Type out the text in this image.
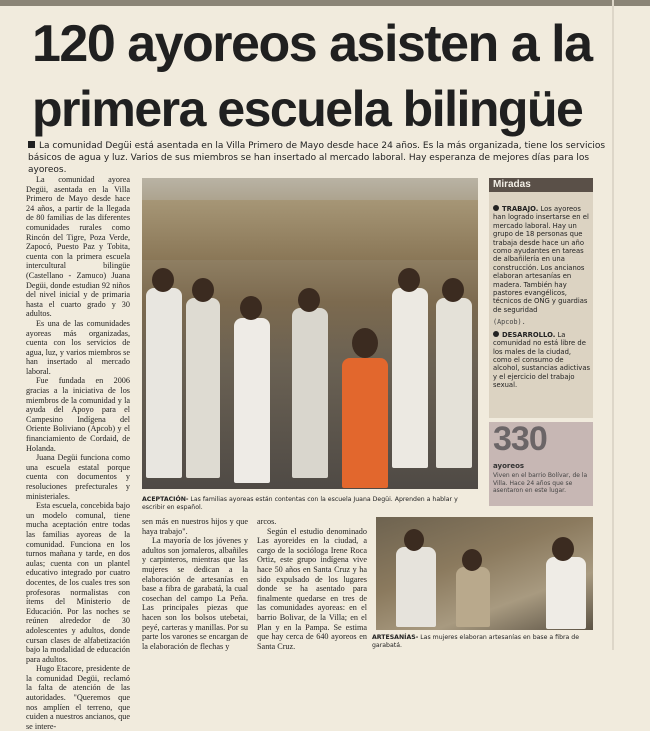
120 ayoreos asisten a la
primera escuela bilingüe
La comunidad Degüi está asentada en la Villa Primero de Mayo desde hace 24 años. Es la más organizada, tiene los servicios básicos de agua y luz. Varios de sus miembros se han insertado al mercado laboral. Hay esperanza de mejores días para los ayoreos.

La comunidad ayorea Degüi, asentada en la Villa Primero de Mayo desde hace 24 años, a partir de la llegada de 80 familias de las diferentes comunidades rurales como Rincón del Tigre, Poza Verde, Zapocó, Puesto Paz y Tobita, cuenta con la primera escuela intercultural bilingüe (Castellano - Zamuco) Juana Degüi, donde estudian 92 niños del nivel inicial y de primaria hasta el cuarto grado y 30 adultos.

Es una de las comunidades ayoreas más organizadas, cuenta con los servicios de agua, luz, y varios miembros se han insertado al mercado laboral.

Fue fundada en 2006 gracias a la iniciativa de los miembros de la comunidad y la ayuda del Apoyo para el Campesino Indígena del Oriente Boliviano (Apcob) y el financiamiento de Cordaid, de Holanda.

Juana Degüi funciona como una escuela estatal porque cuenta con documentos y resoluciones prefecturales y ministeriales.

Esta escuela, concebida bajo un modelo comunal, tiene mucha aceptación entre todas las familias ayoreas de la comunidad. Funciona en los turnos mañana y tarde, en dos aulas; cuenta con un plantel educativo integrado por cuatro docentes, de los cuales tres son profesoras normalistas con ítems del Ministerio de Educación. Por las noches se reúnen alrededor de 30 adolescentes y adultos, donde cursan clases de alfabetización bajo la modalidad de educación para adultos.

Hugo Etacore, presidente de la comunidad Degüi, reclamó la falta de atención de las autoridades. "Queremos que nos amplíen el terreno, que cuiden a nuestros ancianos, que se intere-

ACEPTACIÓN- Las familias ayoreas están contentas con la escuela Juana Degüi. Aprenden a hablar y escribir en español.

sen más en nuestros hijos y que haya trabajo".

La mayoría de los jóvenes y adultos son jornaleros, albañiles y carpinteros, mientras que las mujeres se dedican a la elaboración de artesanías en base a fibra de garabatá, la cual cosechan del campo La Peña. Las principales piezas que hacen son los bolsos utebetai, peyé, carteras y manillas. Por su parte los varones se encargan de la elaboración de flechas y

arcos.

Según el estudio denominado Las ayoreides en la ciudad, a cargo de la socióloga Irene Roca Ortiz, este grupo indígena vive hace 50 años en Santa Cruz y ha sido expulsado de los lugares donde se ha asentado para finalmente quedarse en tres de las comunidades ayoreas: en el barrio Bolivar, de la Villa; en el Plan y en la Pampa. Se estima que hay cerca de 640 ayoreos en Santa Cruz.

ARTESANÍAS- Las mujeres elaboran artesanías en base a fibra de garabatá.
Miradas

TRABAJO. Los ayoreos han logrado insertarse en el mercado laboral. Hay un grupo de 18 personas que trabaja desde hace un año como ayudantes en tareas de albañilería en una construcción. Los ancianos elaboran artesanías en madera. También hay pastores evangélicos, técnicos de ONG y guardias de seguridad

(Apcob).

DESARROLLO. La comunidad no está libre de los males de la ciudad, como el consumo de alcohol, sustancias adictivas y el ejercicio del trabajo sexual.

330
ayoreos
Viven en el barrio Bolívar, de la Villa. Hace 24 años que se asentaron en este lugar.
